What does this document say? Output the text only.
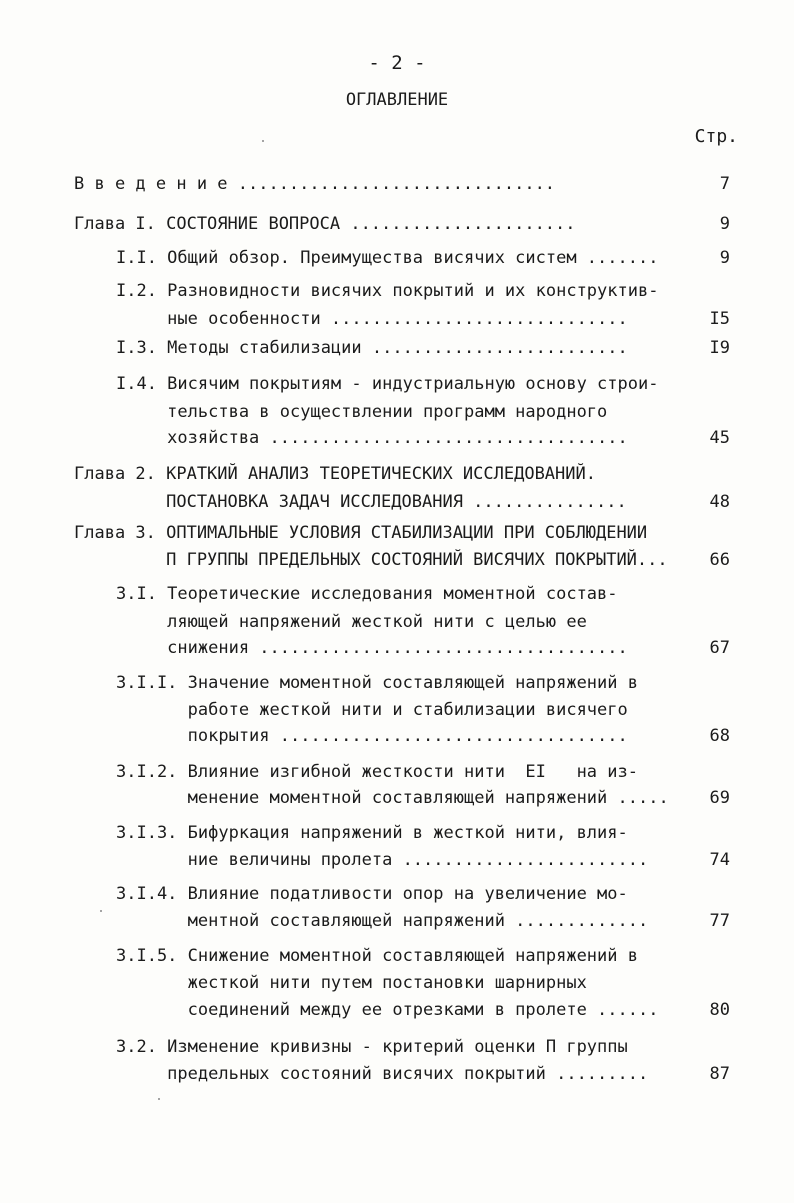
- 2 -
ОГЛАВЛЕНИЕ
Стр.
В в е д е н и е ...............................	7
Глава I. СОСТОЯНИЕ ВОПРОСА ......................	9
I.I. Общий обзор. Преимущества висячих систем .......	9
I.2. Разновидности висячих покрытий и их конструктив-
ные особенности .............................	I5
I.3. Методы стабилизации .........................	I9
I.4. Висячим покрытиям - индустриальную основу строи-
тельства в осуществлении программ народного
хозяйства ...................................	45
Глава 2. КРАТКИЙ АНАЛИЗ ТЕОРЕТИЧЕСКИХ ИССЛЕДОВАНИЙ.
ПОСТАНОВКА ЗАДАЧ ИССЛЕДОВАНИЯ ...............	48
Глава 3. ОПТИМАЛЬНЫЕ УСЛОВИЯ СТАБИЛИЗАЦИИ ПРИ СОБЛЮДЕНИИ
П ГРУППЫ ПРЕДЕЛЬНЫХ СОСТОЯНИЙ ВИСЯЧИХ ПОКРЫТИЙ... 66
3.I. Теоретические исследования моментной состав-
ляющей напряжений жесткой нити с целью ее
снижения ....................................	67
3.I.I. Значение моментной составляющей напряжений в
работе жесткой нити и стабилизации висячего
покрытия ..................................	68
3.I.2. Влияние изгибной жесткости нити  EI   на из-
менение моментной составляющей напряжений ..... 69
3.I.3. Бифуркация напряжений в жесткой нити, влия-
ние величины пролета ........................	74
3.I.4. Влияние податливости опор на увеличение мо-
ментной составляющей напряжений .............	77
3.I.5. Снижение моментной составляющей напряжений в
жесткой нити путем постановки шарнирных
соединений между ее отрезками в пролете ...... 80
3.2. Изменение кривизны - критерий оценки П группы
предельных состояний висячих покрытий .........	87
